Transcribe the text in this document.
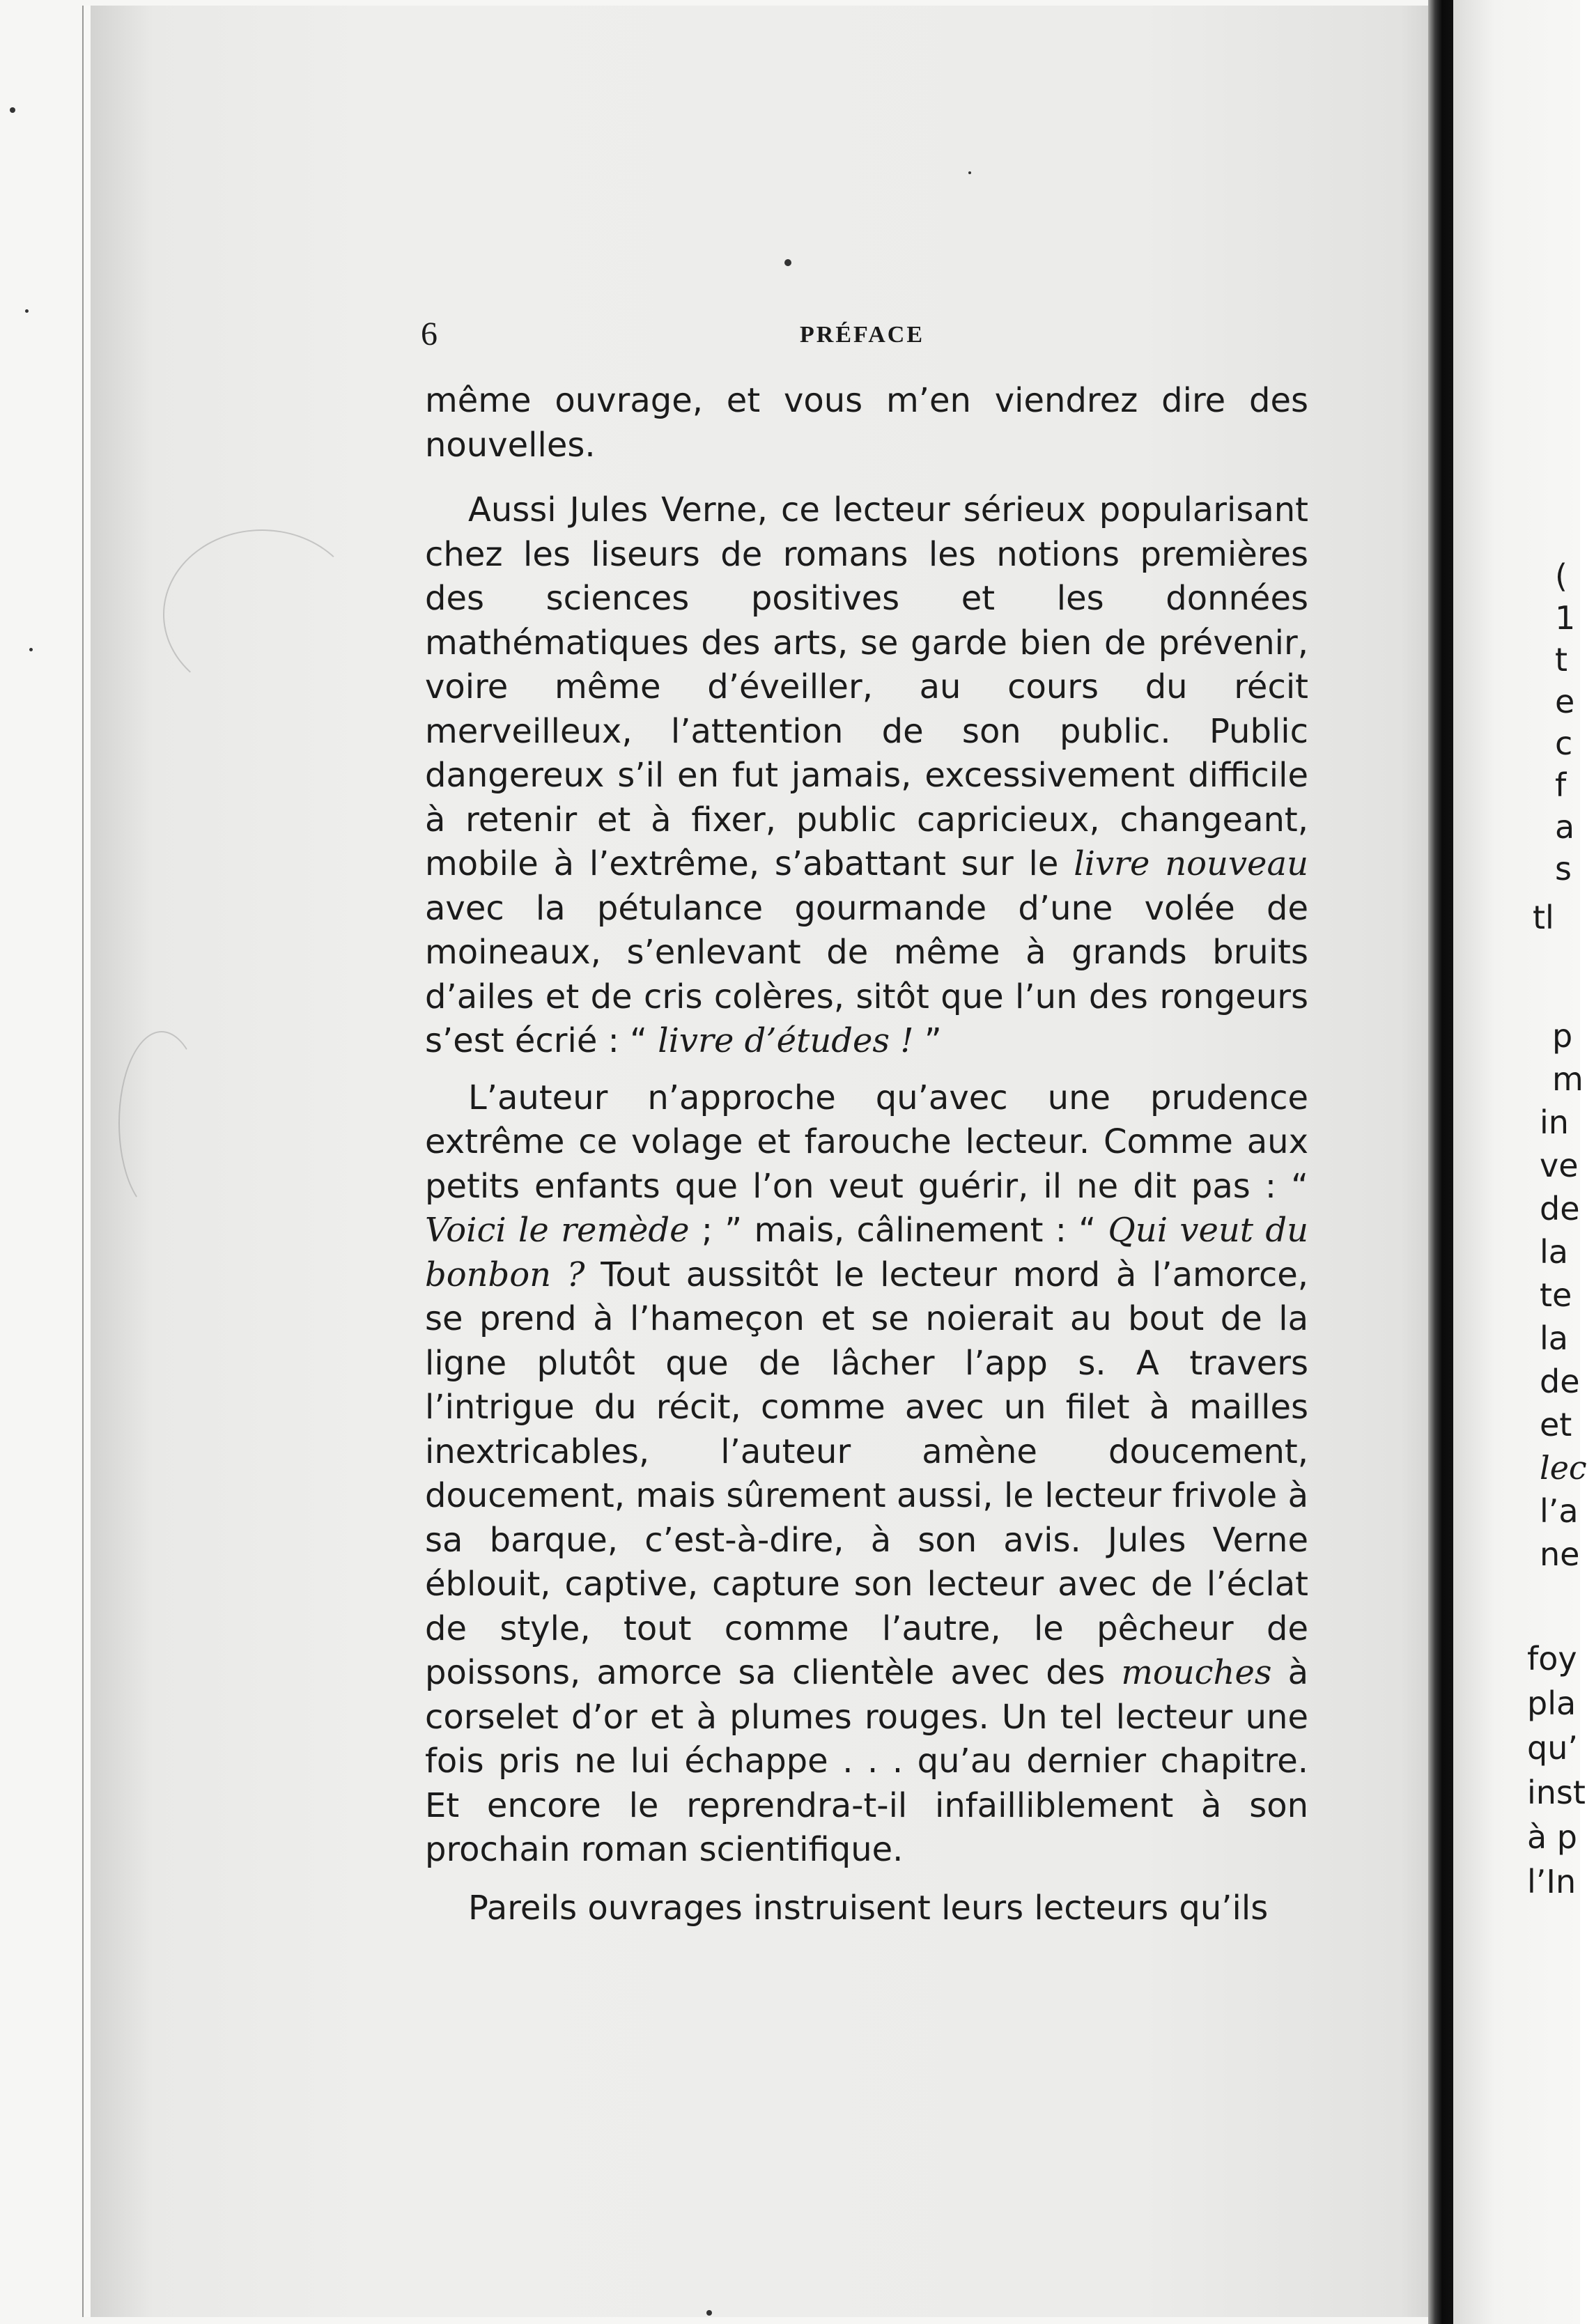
6	PRÉFACE

même ouvrage, et vous m’en viendrez dire des nouvelles.

Aussi Jules Verne, ce lecteur sérieux popularisant chez les liseurs de romans les notions premières des sciences positives et les données mathématiques des arts, se garde bien de prévenir, voire même d’éveiller, au cours du récit merveilleux, l’attention de son public. Public dangereux s’il en fut jamais, excessivement difficile à retenir et à fixer, public capricieux, changeant, mobile à l’extrême, s’abattant sur le livre nouveau avec la pétulance gourmande d’une volée de moineaux, s’enlevant de même à grands bruits d’ailes et de cris colères, sitôt que l’un des rongeurs s’est écrié : “ livre d’études ! ”

L’auteur n’approche qu’avec une prudence extrême ce volage et farouche lecteur. Comme aux petits enfants que l’on veut guérir, il ne dit pas : “ Voici le remède ; ” mais, câlinement : “ Qui veut du bonbon ? Tout aussitôt le lecteur mord à l’amorce, se prend à l’hameçon et se noierait au bout de la ligne plutôt que de lâcher l’app s. A travers l’intrigue du récit, comme avec un filet à mailles inextricables, l’auteur amène doucement, doucement, mais sûrement aussi, le lecteur frivole à sa barque, c’est-à-dire, à son avis. Jules Verne éblouit, captive, capture son lecteur avec de l’éclat de style, tout comme l’autre, le pêcheur de poissons, amorce sa clientèle avec des mouches à corselet d’or et à plumes rouges. Un tel lecteur une fois pris ne lui échappe . . . qu’au dernier chapitre. Et encore le reprendra-t-il infailliblement à son prochain roman scientifique.

Pareils ouvrages instruisent leurs lecteurs qu’ils

(

1

t

e

c

f

a

s

tl

p

m

in

ve

de

la

te

la

de

et

lec

l’a

ne

foy

pla

qu’

inst

à p

l’In
